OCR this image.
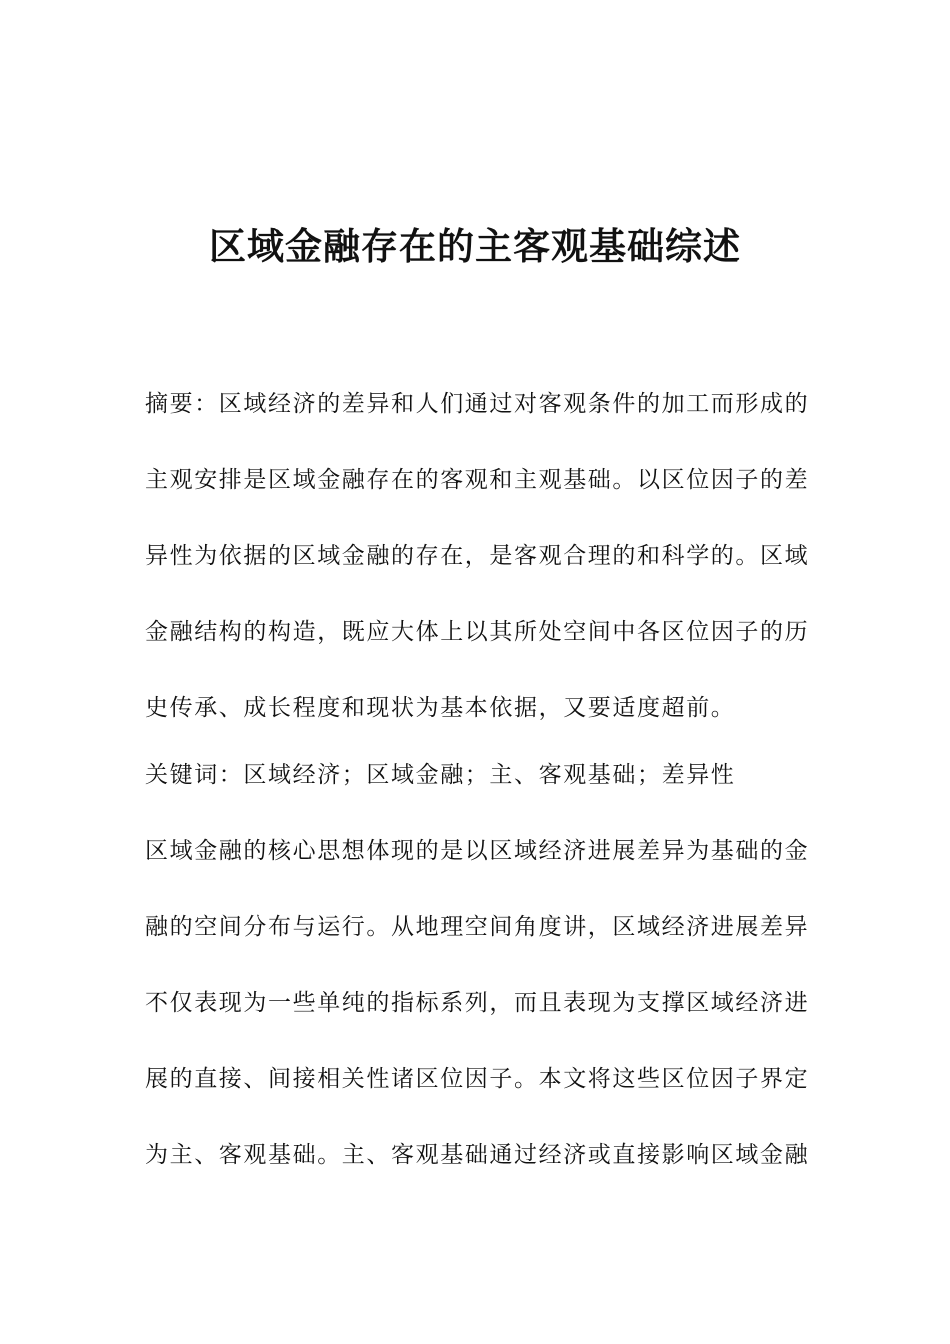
区域金融存在的主客观基础综述
摘要：区域经济的差异和人们通过对客观条件的加工而形成的
主观安排是区域金融存在的客观和主观基础。以区位因子的差
异性为依据的区域金融的存在，是客观合理的和科学的。区域
金融结构的构造，既应大体上以其所处空间中各区位因子的历
史传承、成长程度和现状为基本依据，又要适度超前。
关键词：区域经济；区域金融；主、客观基础；差异性
区域金融的核心思想体现的是以区域经济进展差异为基础的金
融的空间分布与运行。从地理空间角度讲，区域经济进展差异
不仅表现为一些单纯的指标系列，而且表现为支撑区域经济进
展的直接、间接相关性诸区位因子。本文将这些区位因子界定
为主、客观基础。主、客观基础通过经济或直接影响区域金融
